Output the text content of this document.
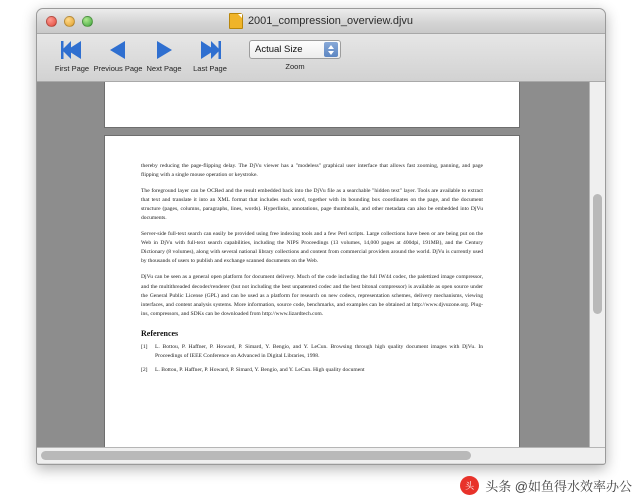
2001_compression_overview.djvu
First Page Previous Page Next Page Last Page
Actual Size
Zoom

thereby reducing the page-flipping delay. The DjVu viewer has a "modeless" graphical user interface that allows fast zooming, panning, and page flipping with a single mouse operation or keystroke.

The foreground layer can be OCRed and the result embedded back into the DjVu file as a searchable "hidden text" layer. Tools are available to extract that text and translate it into an XML format that includes each word, together with its bounding box coordinates on the page, and the document structure (pages, columns, paragraphs, lines, words). Hyperlinks, annotations, page thumbnails, and other metadata can also be embedded into DjVu documents.

Server-side full-text search can easily be provided using free indexing tools and a few Perl scripts. Large collections have been or are being put on the Web in DjVu with full-text search capabilities, including the NIPS Proceedings (13 volumes, 14,000 pages at 400dpi, 191MB), and the Century Dictionary (8 volumes), along with several national library collections and content from commercial providers around the world. DjVu is currently used by thousands of users to publish and exchange scanned documents on the Web.

DjVu can be seen as a general open platform for document delivery. Much of the code including the full IW44 codec, the palettized image compressor, and the multithreaded decoder/renderer (but not including the best unpatented codec and the best bitonal compressor) is available as open source under the General Public License (GPL) and can be used as a platform for research on new codecs, representation schemes, delivery mechanisms, viewing interfaces, and content analysis systems. More information, source code, benchmarks, and examples can be obtained at http://www.djvuzone.org. Plug-ins, compressors, and SDKs can be downloaded from http://www.lizardtech.com.

References
[1]	L. Bottou, P. Haffner, P. Howard, P. Simard, Y. Bengio, and Y. LeCun. Browsing through high quality document images with DjVu. In Proceedings of IEEE Conference on Advanced in Digital Libraries, 1998.
[2]	L. Bottou, P. Haffner, P. Howard, P. Simard, Y. Bengio, and Y. LeCun. High quality document
头 头条 @如鱼得水效率办公
